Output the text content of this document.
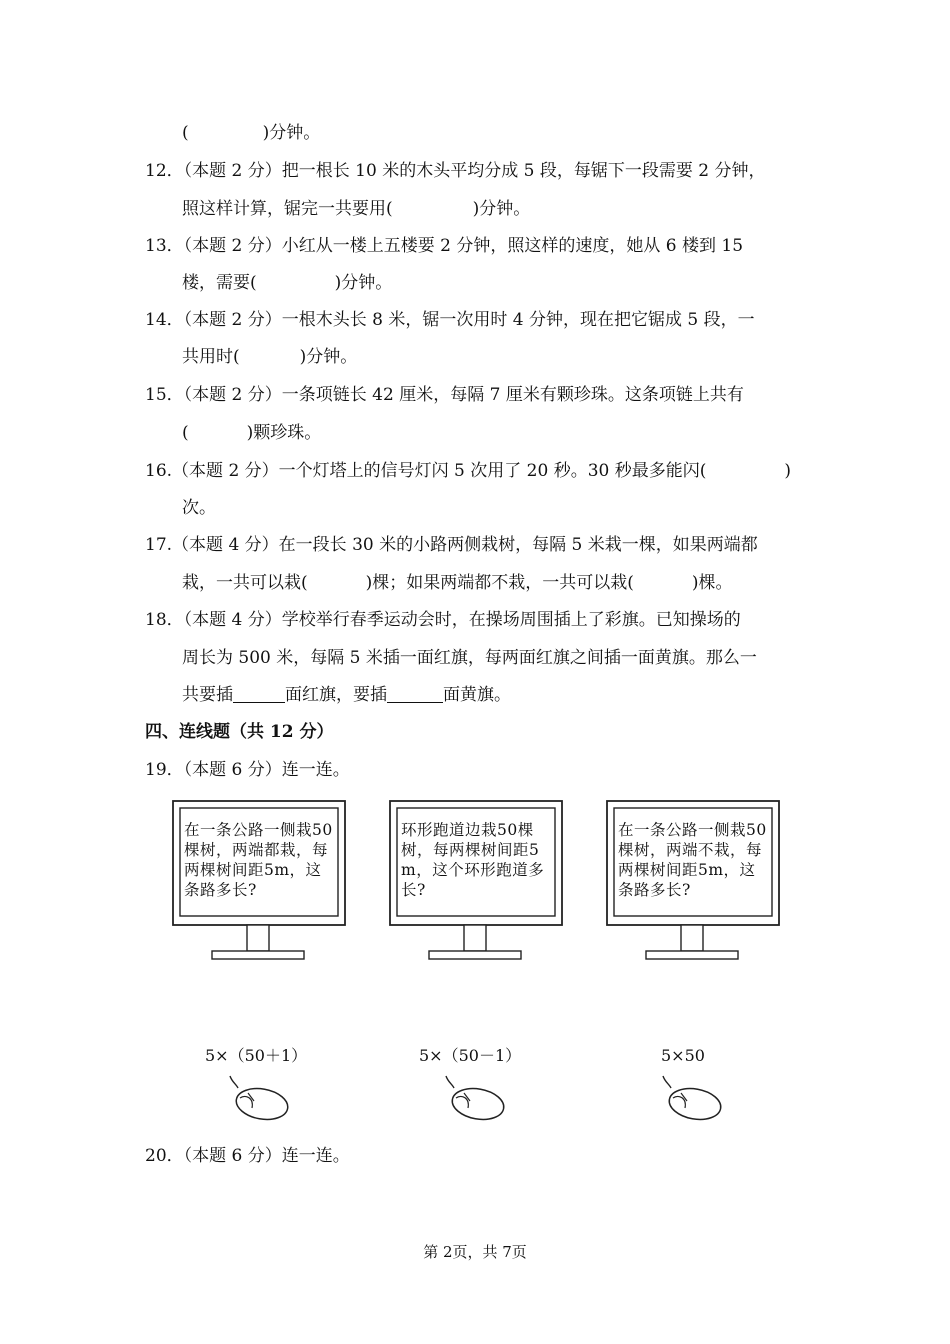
(	)分钟。
12．（本题 2 分）把一根长 10 米的木头平均分成 5 段，每锯下一段需要 2 分钟，
照这样计算，锯完一共要用(	)分钟。
13．（本题 2 分）小红从一楼上五楼要 2 分钟，照这样的速度，她从 6 楼到 15
楼，需要(	)分钟。
14．（本题 2 分）一根木头长 8 米，锯一次用时 4 分钟，现在把它锯成 5 段，一
共用时(	)分钟。
15．（本题 2 分）一条项链长 42 厘米，每隔 7 厘米有颗珍珠。这条项链上共有
(	)颗珍珠。
16.（本题 2 分）一个灯塔上的信号灯闪 5 次用了 20 秒。30 秒最多能闪(	)
次。
17.（本题 4 分）在一段长 30 米的小路两侧栽树，每隔 5 米栽一棵，如果两端都
栽，一共可以栽(	)棵；如果两端都不栽，一共可以栽(	)棵。
18．（本题 4 分）学校举行春季运动会时，在操场周围插上了彩旗。已知操场的
周长为 500 米，每隔 5 米插一面红旗，每两面红旗之间插一面黄旗。那么一
共要插	面红旗，要插	面黄旗。
四、连线题（共 12 分）
19．（本题 6 分）连一连。
在一条公路一侧栽50棵树，两端都栽，每两棵树间距5m，这条路多长?
环形跑道边栽50棵树，每两棵树间距5m，这个环形跑道多长?
在一条公路一侧栽50棵树，两端不栽，每两棵树间距5m，这条路多长?
5×（50＋1）	5×（50－1）	5×50
20．（本题 6 分）连一连。
第 2页，共 7页
